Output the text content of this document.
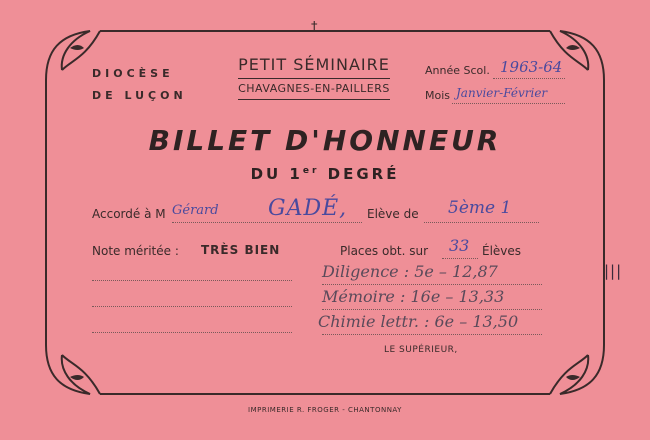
†
DIOCÈSE
DE LUÇON
PETIT SÉMINAIRE
CHAVAGNES-EN-PAILLERS
Année Scol. 1963-64
Mois Janvier-Février
BILLET D'HONNEUR
DU 1er DEGRÉ
Accordé à M Gérard GADÉ, Elève de 5ème 1
Note méritée : TRÈS BIEN	Places obt. sur 33 Élèves
Diligence : 5e – 12,87
Mémoire : 16e – 13,33
Chimie lettr. : 6e – 13,50
LE SUPÉRIEUR,
IMPRIMERIE R. FROGER - CHANTONNAY
|||
